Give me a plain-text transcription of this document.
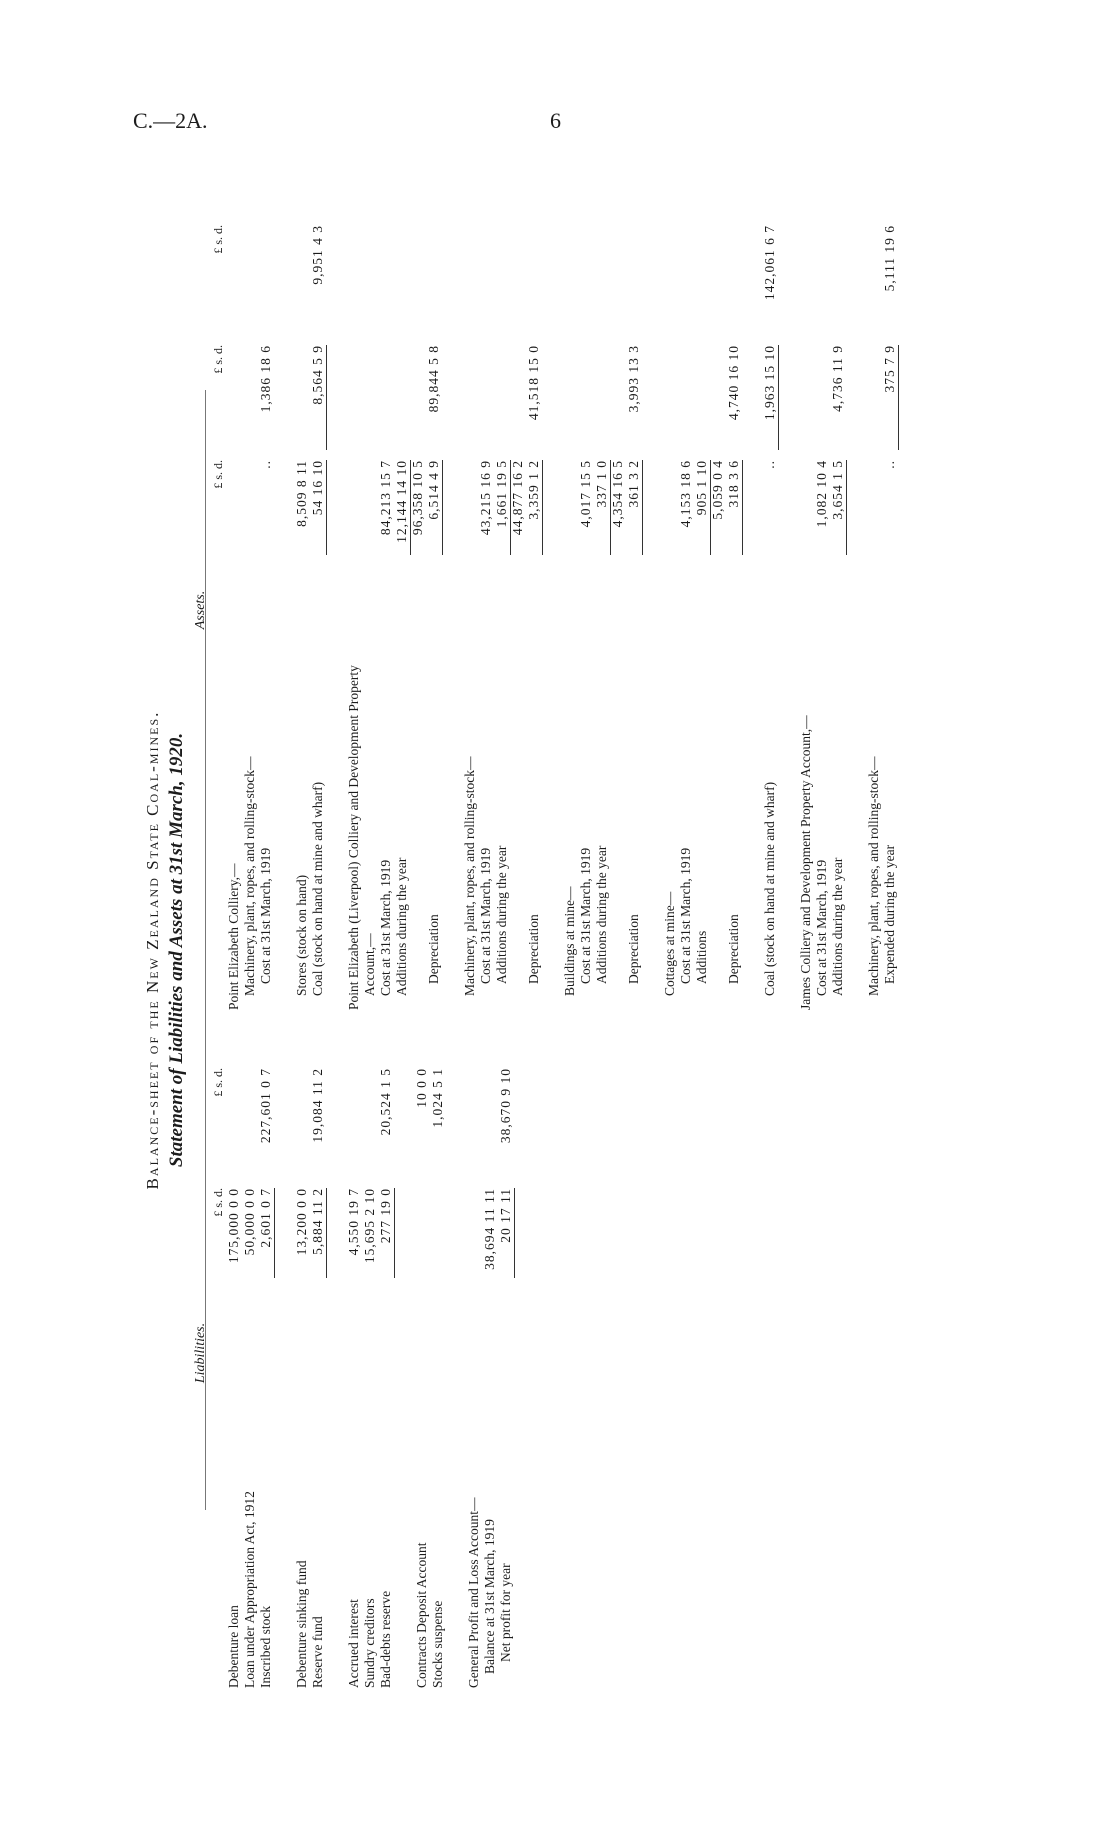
C.—2A.	6
Balance-sheet of the New Zealand State Coal-mines. Statement of Liabilities and Assets at 31st March, 1920.
Liabilities.
£ s. d.
£ s. d.
Debenture loan
175,000 0 0
Loan under Appropriation Act, 1912
50,000 0 0
Inscribed stock
2,601 0 7
227,601 0 7
Debenture sinking fund
13,200 0 0
Reserve fund
5,884 11 2
19,084 11 2
Accrued interest
4,550 19 7
Sundry creditors
15,695 2 10
Bad-debts reserve
277 19 0
20,524 1 5
Contracts Deposit Account
10 0 0
Stocks suspense
1,024 5 1
General Profit and Loss Account— Balance at 31st March, 1919
38,694 11 11
Net profit for year
20 17 11
38,670 9 10
Assets.
£ s. d.
£ s. d.
£ s. d.
Point Elizabeth Colliery,— Machinery, plant, ropes, and rolling-stock— Cost at 31st March, 1919
..
1,386 18 6
Stores (stock on hand)
8,509 8 11
Coal (stock on hand at mine and wharf)
54 16 10
8,564 5 9
9,951 4 3
Point Elizabeth (Liverpool) Colliery and Development Property Account,— Cost at 31st March, 1919
84,213 15 7
Additions during the year
12,144 14 10 96,358 10 5
Depreciation
6,514 4 9
89,844 5 8
Machinery, plant, ropes, and rolling-stock— Cost at 31st March, 1919
43,215 16 9
Additions during the year
1,661 19 5 44,877 16 2
Depreciation
3,359 1 2
41,518 15 0
Buildings at mine— Cost at 31st March, 1919
4,017 15 5
Additions during the year
337 1 0 4,354 16 5
Depreciation
361 3 2
3,993 13 3
Cottages at mine— Cost at 31st March, 1919
4,153 18 6
Additions
905 1 10 5,059 0 4
Depreciation
318 3 6
4,740 16 10
Coal (stock on hand at mine and wharf)
..
1,963 15 10
142,061 6 7
James Colliery and Development Property Account,— Cost at 31st March, 1919
1,082 10 4
Additions during the year
3,654 1 5
4,736 11 9
Machinery, plant, ropes, and rolling-stock— Expended during the year
..
375 7 9
5,111 19 6
